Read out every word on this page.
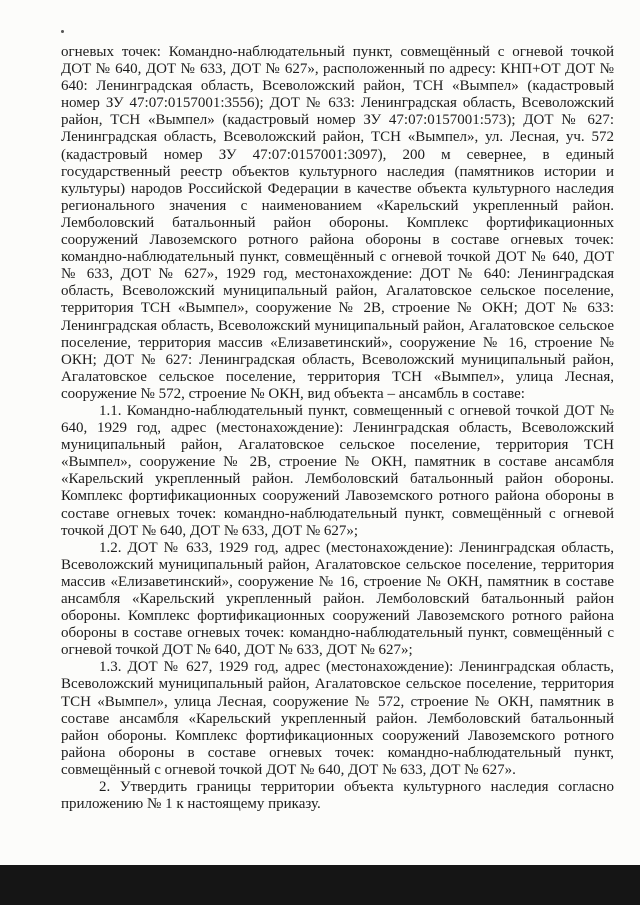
огневых точек: Командно-наблюдательный пункт, совмещённый с огневой точкой ДОТ № 640, ДОТ № 633, ДОТ № 627», расположенный по адресу: КНП+ОТ ДОТ № 640: Ленинградская область, Всеволожский район, ТСН «Вымпел» (кадастровый номер ЗУ 47:07:0157001:3556); ДОТ № 633: Ленинградская область, Всеволожский район, ТСН «Вымпел» (кадастровый номер ЗУ 47:07:0157001:573); ДОТ № 627: Ленинградская область, Всеволожский район, ТСН «Вымпел», ул. Лесная, уч. 572 (кадастровый номер ЗУ 47:07:0157001:3097), 200 м севернее, в единый государственный реестр объектов культурного наследия (памятников истории и культуры) народов Российской Федерации в качестве объекта культурного наследия регионального значения с наименованием «Карельский укрепленный район. Лемболовский батальонный район обороны. Комплекс фортификационных сооружений Лавоземского ротного района обороны в составе огневых точек: командно-наблюдательный пункт, совмещённый с огневой точкой ДОТ № 640, ДОТ № 633, ДОТ № 627», 1929 год, местонахождение: ДОТ № 640: Ленинградская область, Всеволожский муниципальный район, Агалатовское сельское поселение, территория ТСН «Вымпел», сооружение № 2В, строение № ОКН; ДОТ № 633: Ленинградская область, Всеволожский муниципальный район, Агалатовское сельское поселение, территория массив «Елизаветинский», сооружение № 16, строение № ОКН; ДОТ № 627: Ленинградская область, Всеволожский муниципальный район, Агалатовское сельское поселение, территория ТСН «Вымпел», улица Лесная, сооружение № 572, строение № ОКН, вид объекта – ансамбль в составе:

1.1. Командно-наблюдательный пункт, совмещенный с огневой точкой ДОТ № 640, 1929 год, адрес (местонахождение): Ленинградская область, Всеволожский муниципальный район, Агалатовское сельское поселение, территория ТСН «Вымпел», сооружение № 2В, строение № ОКН, памятник в составе ансамбля «Карельский укрепленный район. Лемболовский батальонный район обороны. Комплекс фортификационных сооружений Лавоземского ротного района обороны в составе огневых точек: командно-наблюдательный пункт, совмещённый с огневой точкой ДОТ № 640, ДОТ № 633, ДОТ № 627»;

1.2. ДОТ № 633, 1929 год, адрес (местонахождение): Ленинградская область, Всеволожский муниципальный район, Агалатовское сельское поселение, территория массив «Елизаветинский», сооружение № 16, строение № ОКН, памятник в составе ансамбля «Карельский укрепленный район. Лемболовский батальонный район обороны. Комплекс фортификационных сооружений Лавоземского ротного района обороны в составе огневых точек: командно-наблюдательный пункт, совмещённый с огневой точкой ДОТ № 640, ДОТ № 633, ДОТ № 627»;

1.3. ДОТ № 627, 1929 год, адрес (местонахождение): Ленинградская область, Всеволожский муниципальный район, Агалатовское сельское поселение, территория ТСН «Вымпел», улица Лесная, сооружение № 572, строение № ОКН, памятник в составе ансамбля «Карельский укрепленный район. Лемболовский батальонный район обороны. Комплекс фортификационных сооружений Лавоземского ротного района обороны в составе огневых точек: командно-наблюдательный пункт, совмещённый с огневой точкой ДОТ № 640, ДОТ № 633, ДОТ № 627».

2. Утвердить границы территории объекта культурного наследия согласно приложению № 1 к настоящему приказу.
